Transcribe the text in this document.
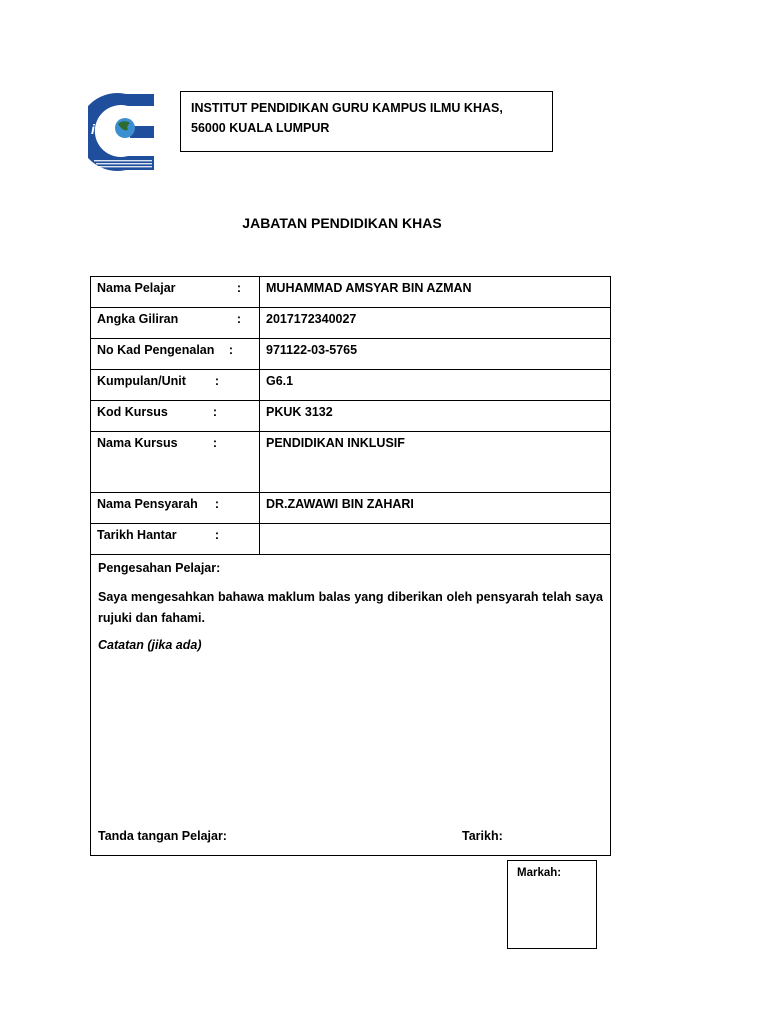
iPG
INSTITUT PENDIDIKAN GURU KAMPUS ILMU KHAS,
56000 KUALA LUMPUR
JABATAN PENDIDIKAN KHAS
Nama Pelajar :	MUHAMMAD AMSYAR BIN AZMAN

Angka Giliran :	2017172340027

No Kad Pengenalan :	971122-03-5765

Kumpulan/Unit :	G6.1

Kod Kursus :	PKUK 3132

Nama Kursus :	PENDIDIKAN INKLUSIF

Nama Pensyarah :	DR.ZAWAWI BIN ZAHARI

Tarikh Hantar :	

Pengesahan Pelajar:
Saya mengesahkan bahawa maklum balas yang diberikan oleh pensyarah telah saya rujuki dan fahami.
Catatan (jika ada)
Tanda tangan Pelajar:	Tarikh:
Markah:
